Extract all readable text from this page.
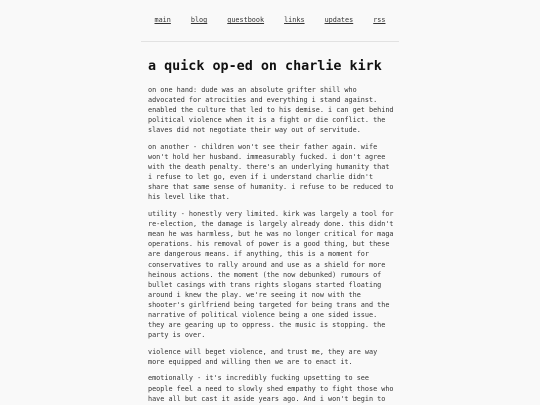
main	blog	guestbook	links	updates	rss
a quick op-ed on charlie kirk

on one hand: dude was an absolute grifter shill who
advocated for atrocities and everything i stand against.
enabled the culture that led to his demise. i can get behind
political violence when it is a fight or die conflict. the
slaves did not negotiate their way out of servitude.

on another - children won't see their father again. wife
won't hold her husband. immeasurably fucked. i don't agree
with the death penalty. there's an underlying humanity that
i refuse to let go, even if i understand charlie didn't
share that same sense of humanity. i refuse to be reduced to
his level like that.

utility - honestly very limited. kirk was largely a tool for
re-election, the damage is largely already done. this didn't
mean he was harmless, but he was no longer critical for maga
operations. his removal of power is a good thing, but these
are dangerous means. if anything, this is a moment for
conservatives to rally around and use as a shield for more
heinous actions. the moment (the now debunked) rumours of
bullet casings with trans rights slogans started floating
around i knew the play. we're seeing it now with the
shooter's girlfriend being targeted for being trans and the
narrative of political violence being a one sided issue.
they are gearing up to oppress. the music is stopping. the
party is over.

violence will beget violence, and trust me, they are way
more equipped and willing then we are to enact it.

emotionally - it's incredibly fucking upsetting to see
people feel a need to slowly shed empathy to fight those who
have all but cast it aside years ago. And i won't begin to
